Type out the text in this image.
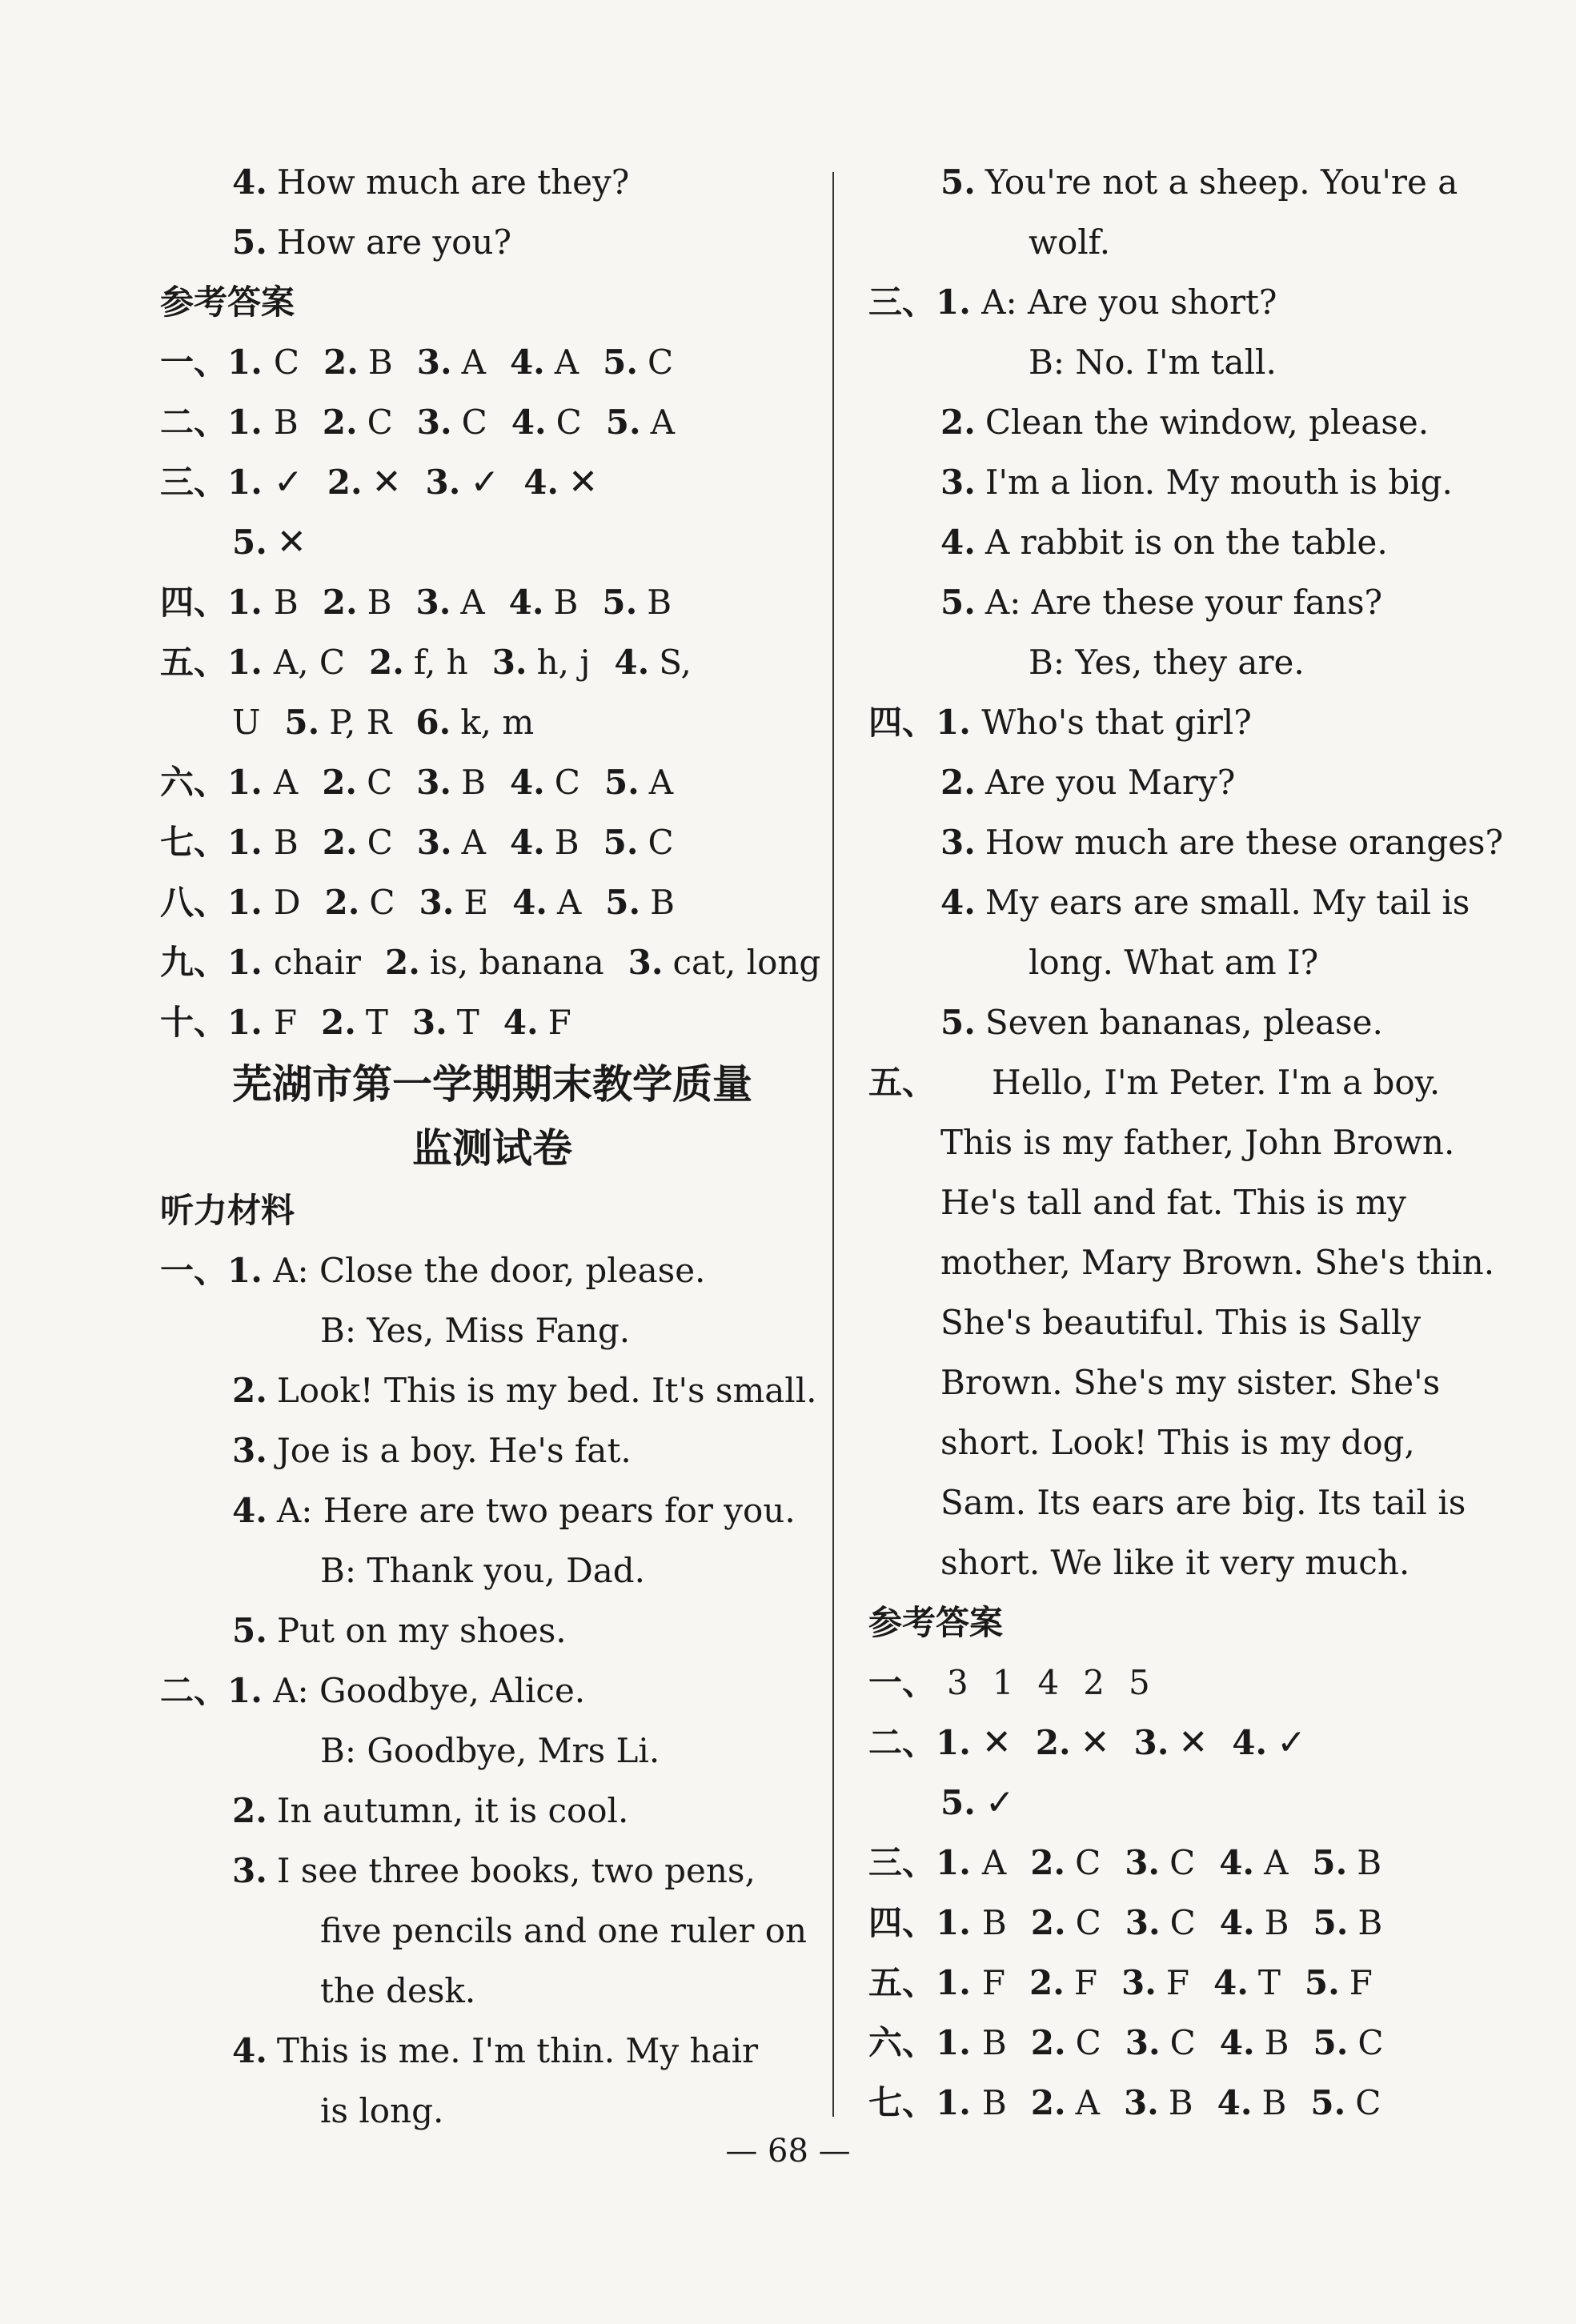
4. How much are they?
5. How are you?
参考答案
一、1. C 2. B 3. A 4. A 5. C
二、1. B 2. C 3. C 4. C 5. A
三、1. ✓ 2. ✕ 3. ✓ 4. ✕
5. ✕
四、1. B 2. B 3. A 4. B 5. B
五、1. A, C 2. f, h 3. h, j 4. S,
U 5. P, R 6. k, m
六、1. A 2. C 3. B 4. C 5. A
七、1. B 2. C 3. A 4. B 5. C
八、1. D 2. C 3. E 4. A 5. B
九、1. chair 2. is, banana 3. cat, long
十、1. F 2. T 3. T 4. F
芜湖市第一学期期末教学质量
监测试卷
听力材料
一、1. A: Close the door, please.
B: Yes, Miss Fang.
2. Look! This is my bed. It's small.
3. Joe is a boy. He's fat.
4. A: Here are two pears for you.
B: Thank you, Dad.
5. Put on my shoes.
二、1. A: Goodbye, Alice.
B: Goodbye, Mrs Li.
2. In autumn, it is cool.
3. I see three books, two pens,
five pencils and one ruler on
the desk.
4. This is me. I'm thin. My hair
is long.
5. You're not a sheep. You're a
wolf.
三、1. A: Are you short?
B: No. I'm tall.
2. Clean the window, please.
3. I'm a lion. My mouth is big.
4. A rabbit is on the table.
5. A: Are these your fans?
B: Yes, they are.
四、1. Who's that girl?
2. Are you Mary?
3. How much are these oranges?
4. My ears are small. My tail is
long. What am I?
5. Seven bananas, please.
五、 Hello, I'm Peter. I'm a boy.
This is my father, John Brown.
He's tall and fat. This is my
mother, Mary Brown. She's thin.
She's beautiful. This is Sally
Brown. She's my sister. She's
short. Look! This is my dog,
Sam. Its ears are big. Its tail is
short. We like it very much.
参考答案
一、 3 1 4 2 5
二、1. ✕ 2. ✕ 3. ✕ 4. ✓
5. ✓
三、1. A 2. C 3. C 4. A 5. B
四、1. B 2. C 3. C 4. B 5. B
五、1. F 2. F 3. F 4. T 5. F
六、1. B 2. C 3. C 4. B 5. C
七、1. B 2. A 3. B 4. B 5. C
— 68 —
